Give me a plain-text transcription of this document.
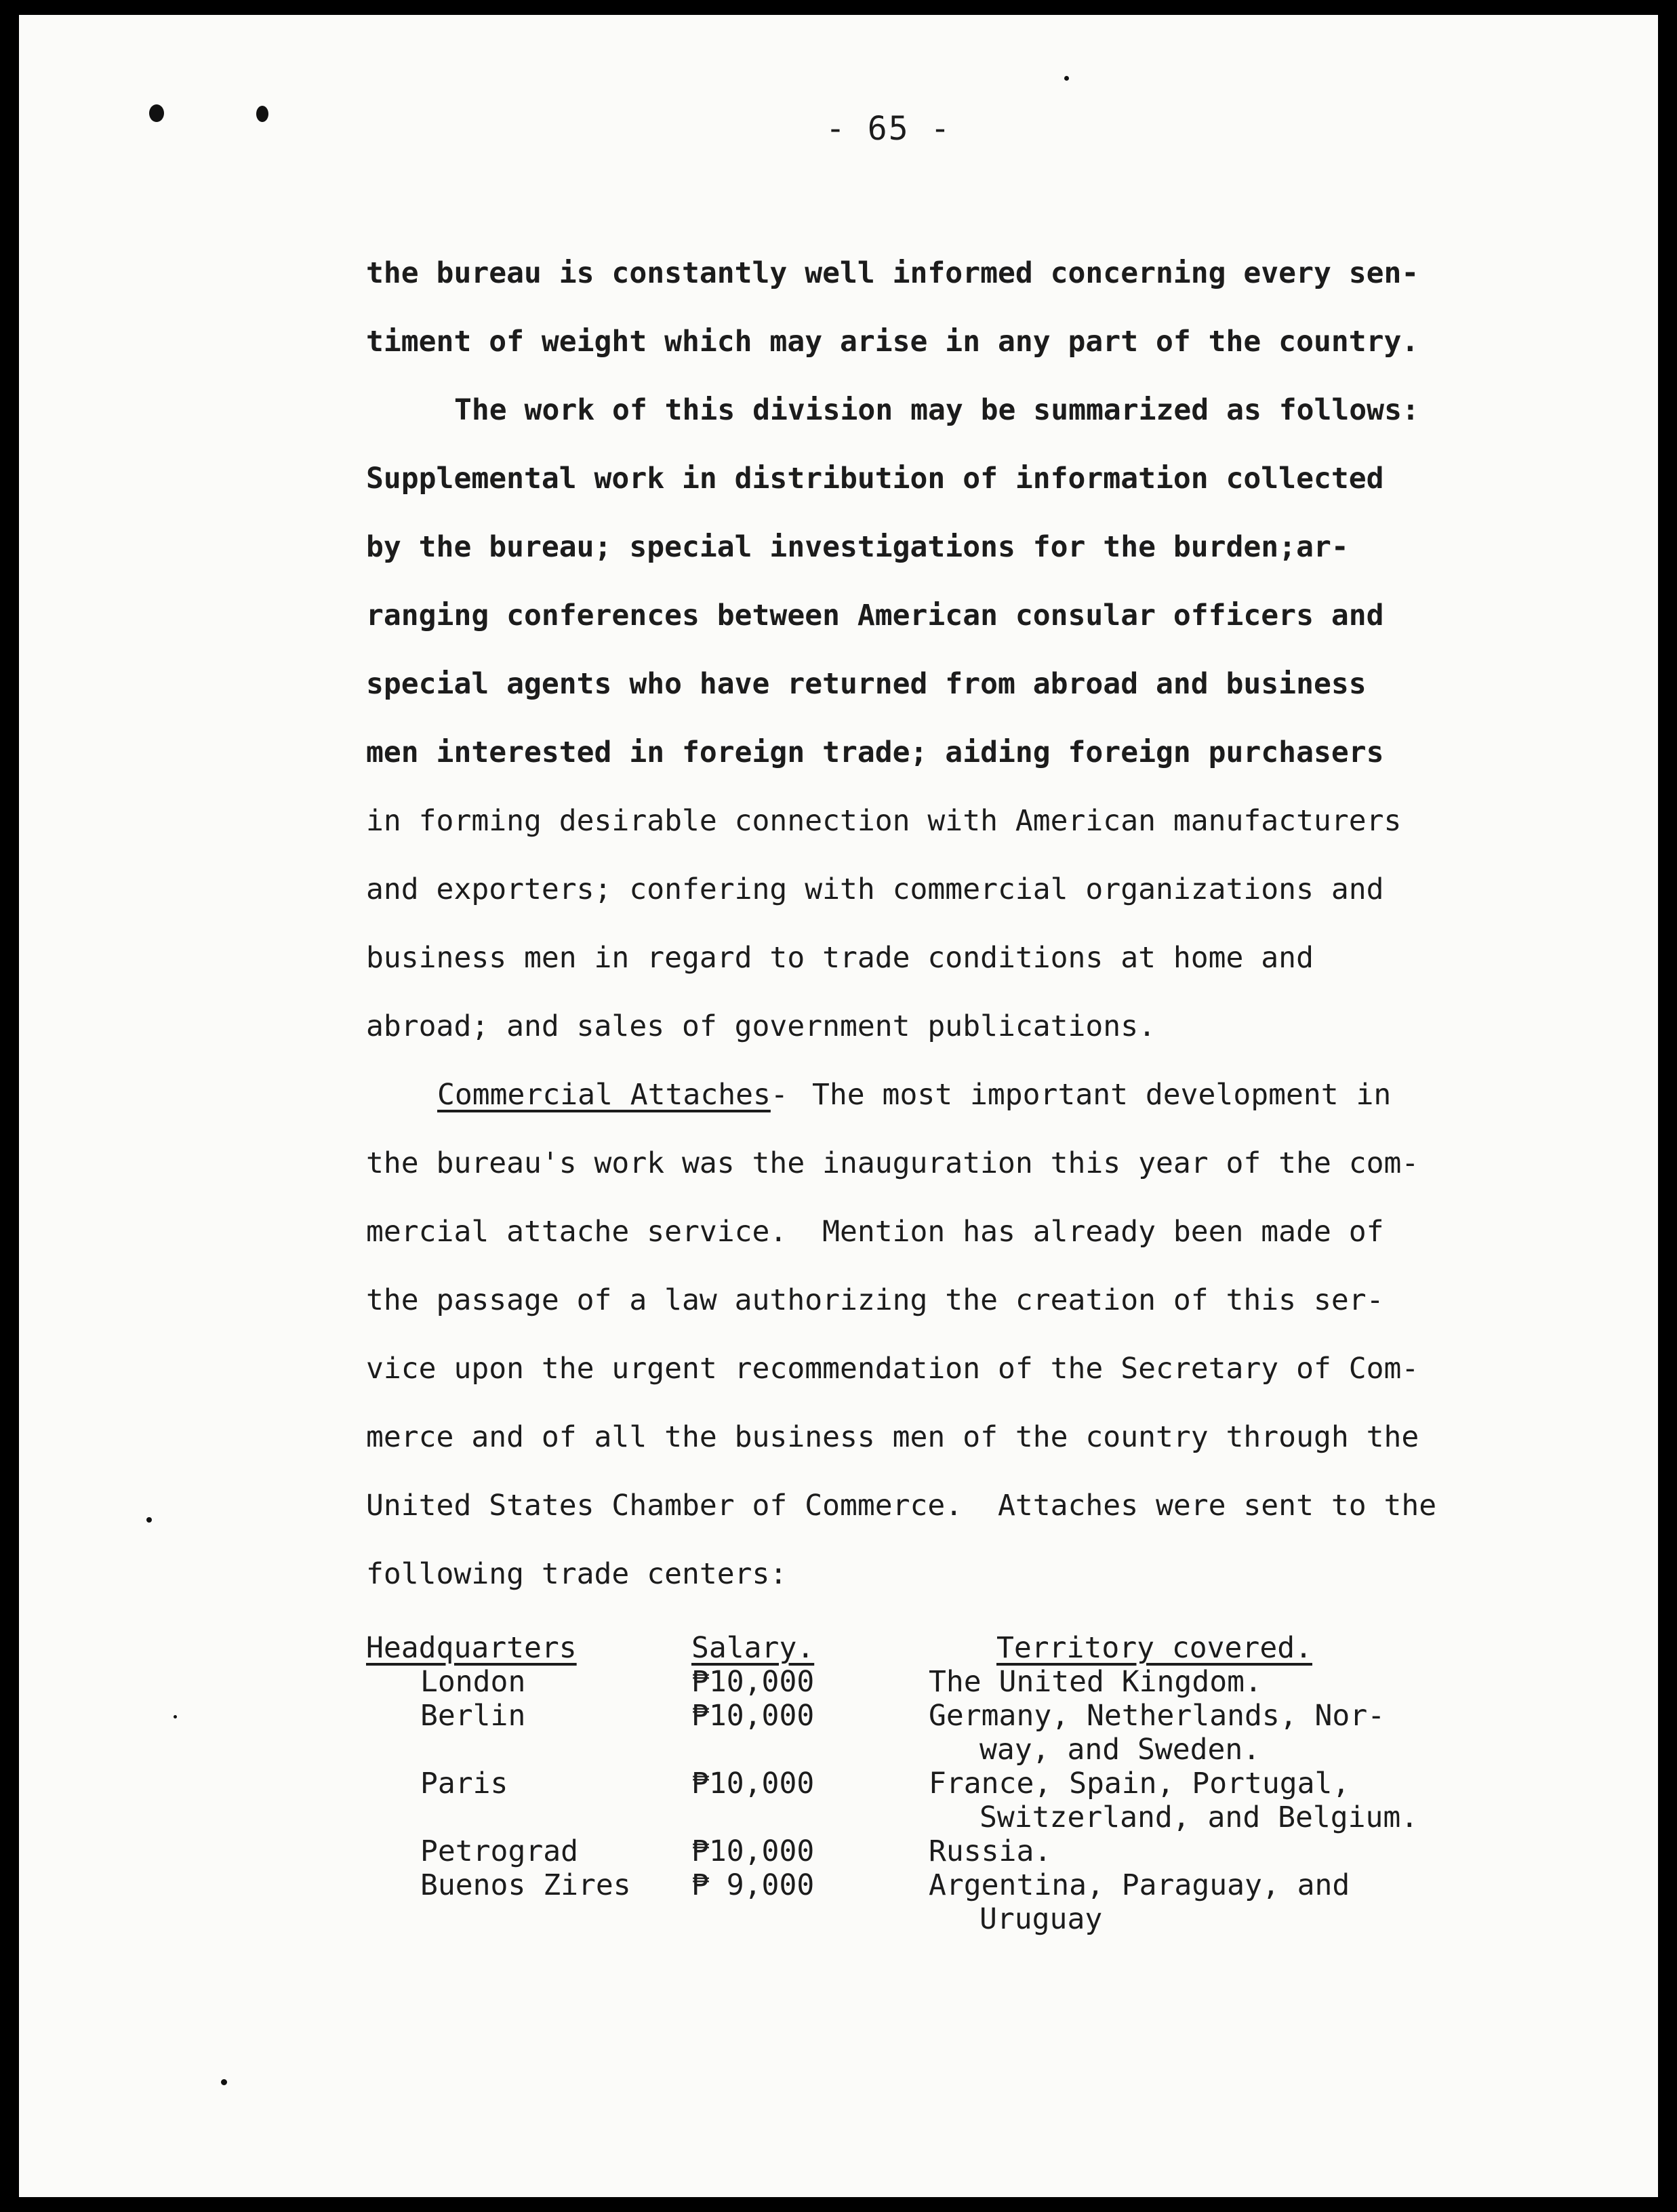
- 65 -
the bureau is constantly well informed concerning every sen-
timent of weight which may arise in any part of the country.
The work of this division may be summarized as follows:
Supplemental work in distribution of information collected
by the bureau; special investigations for the burden;ar-
ranging conferences between American consular officers and
special agents who have returned from abroad and business
men interested in foreign trade; aiding foreign purchasers
in forming desirable connection with American manufacturers
and exporters; confering with commercial organizations and
business men in regard to trade conditions at home and
abroad; and sales of government publications.
Commercial Attaches- The most important development in
the bureau's work was the inauguration this year of the com-
mercial attache service.  Mention has already been made of
the passage of a law authorizing the creation of this ser-
vice upon the urgent recommendation of the Secretary of Com-
merce and of all the business men of the country through the
United States Chamber of Commerce.  Attaches were sent to the
following trade centers:
Headquarters	Salary.	Territory covered.
London	₱10,000	The United Kingdom.
Berlin	₱10,000	Germany, Netherlands, Nor-
way, and Sweden.
Paris	₱10,000	France, Spain, Portugal,
Switzerland, and Belgium.
Petrograd	₱10,000	Russia.
Buenos Zires ₱ 9,000	Argentina, Paraguay, and
Uruguay
